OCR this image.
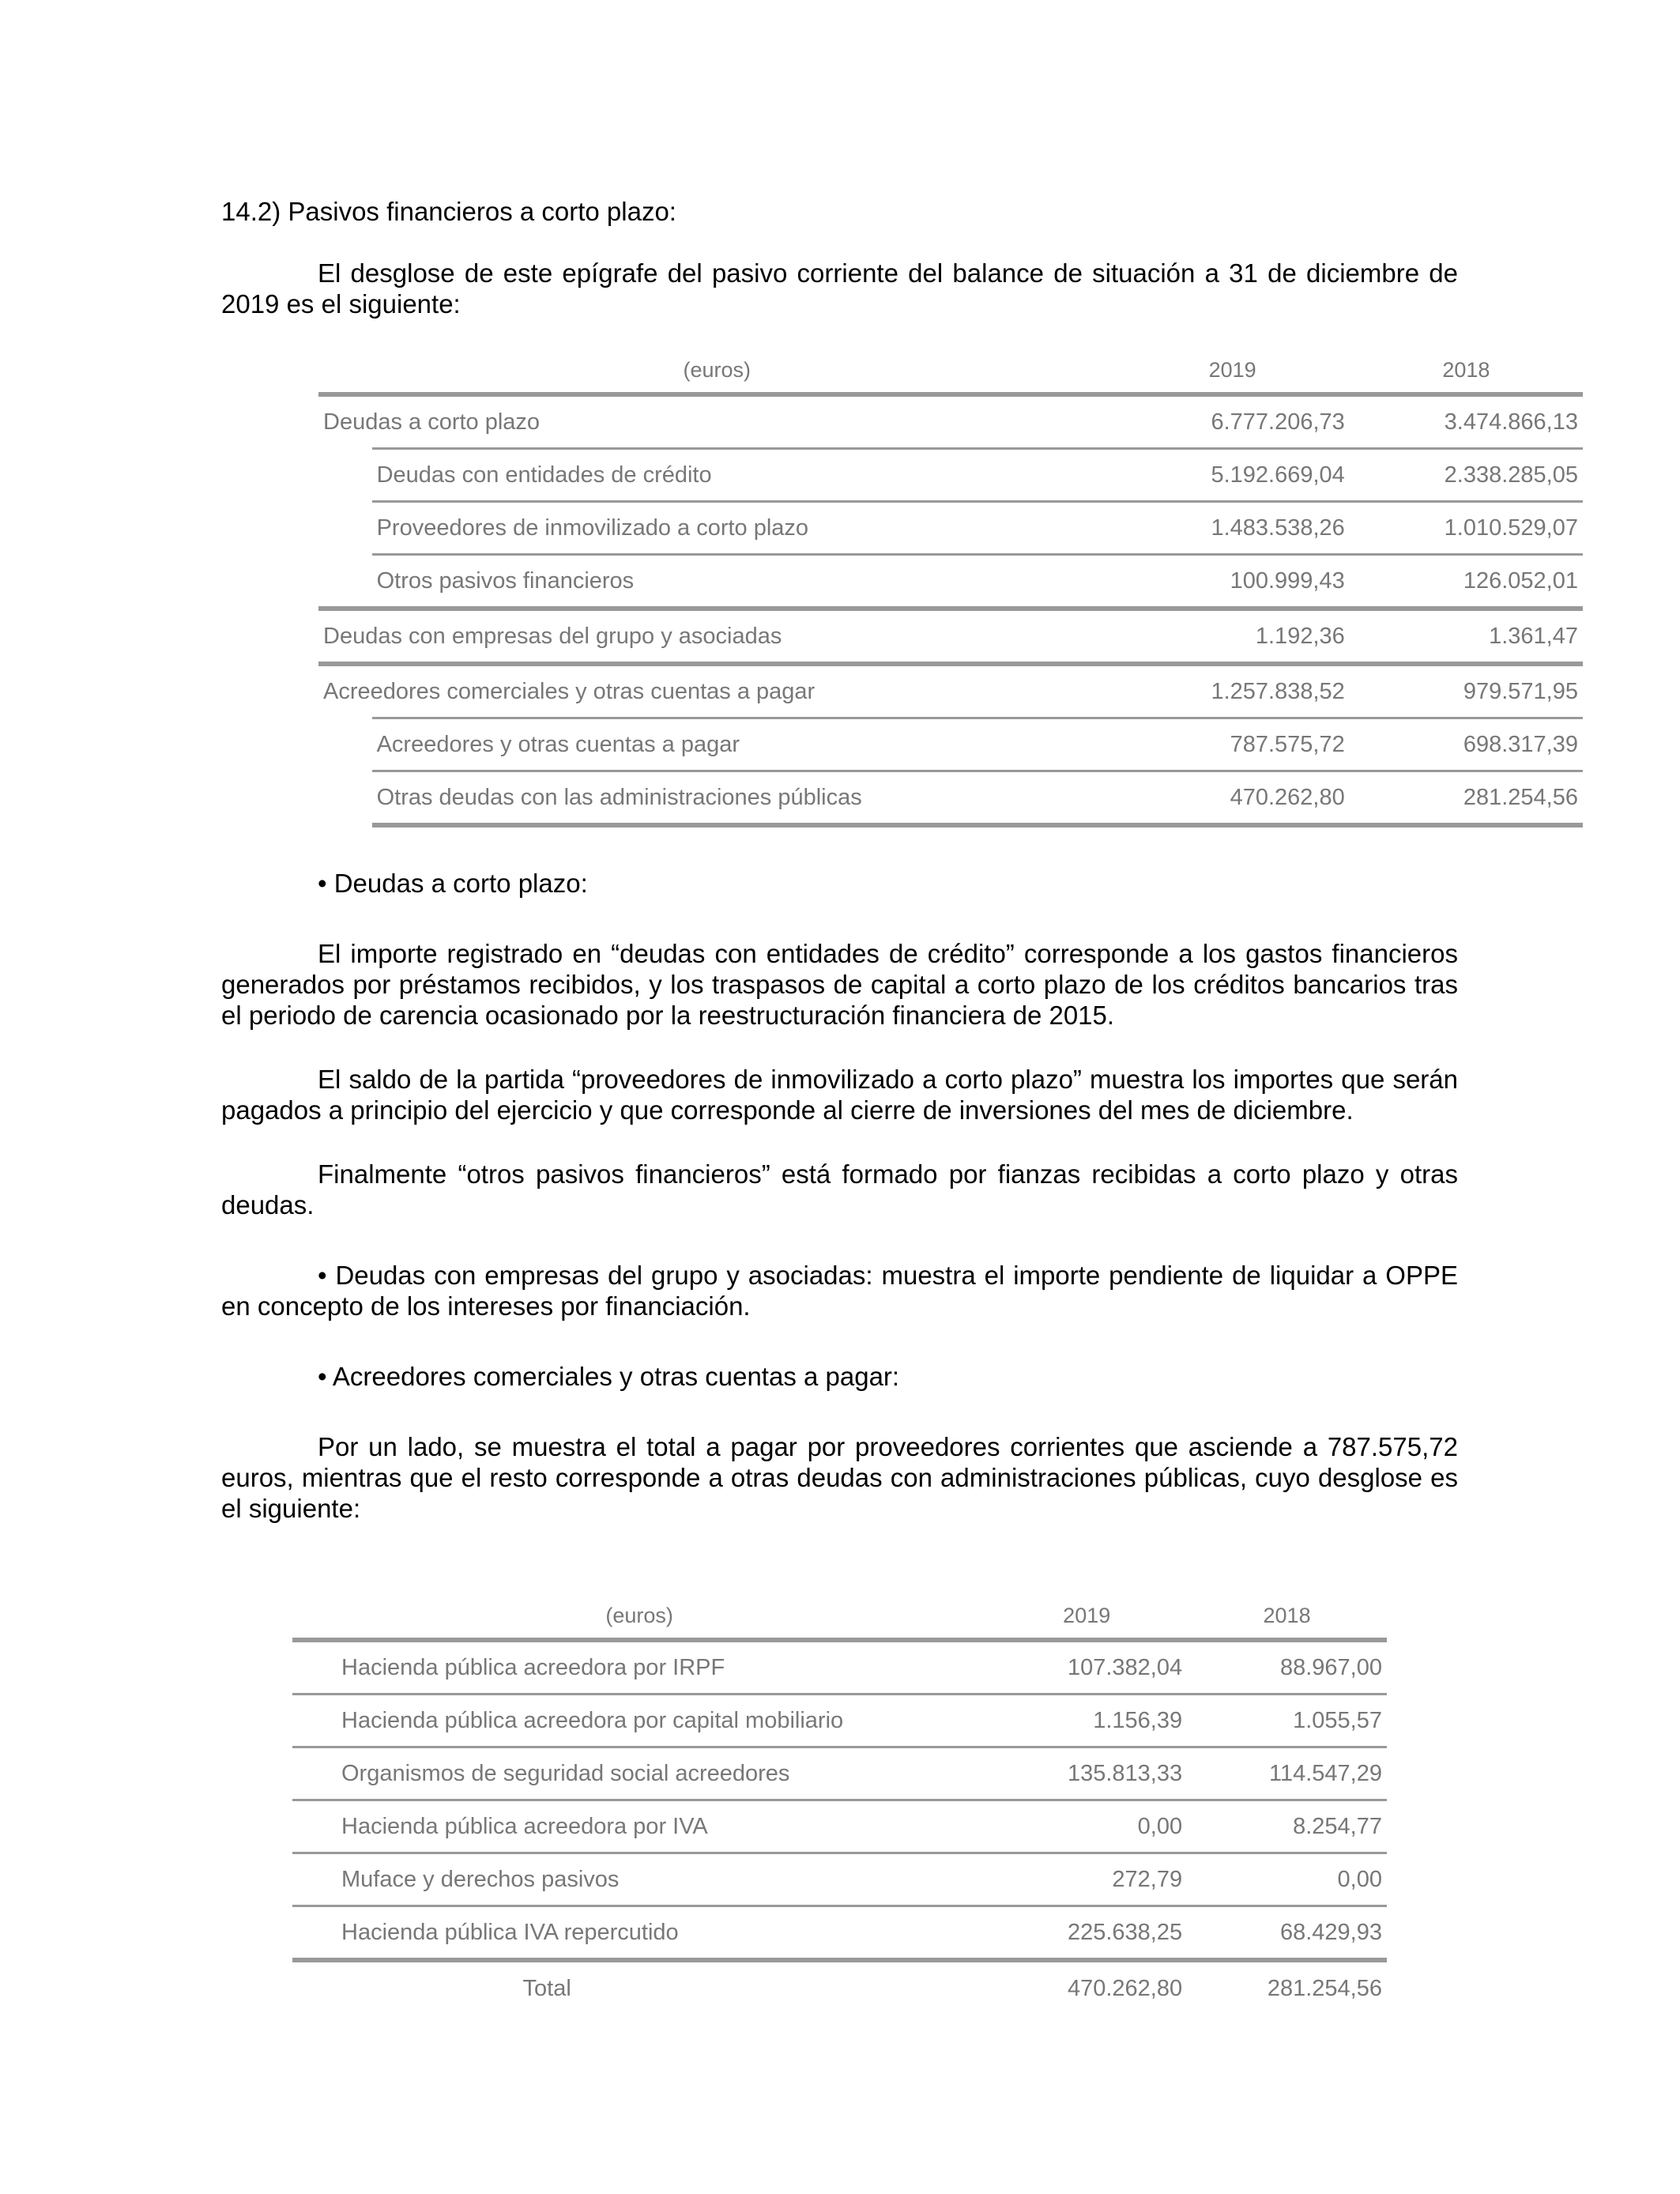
14.2) Pasivos financieros a corto plazo:

El desglose de este epígrafe del pasivo corriente del balance de situación a 31 de diciembre de 2019 es el siguiente:

(euros)		2019	2018
Deudas a corto plazo		6.777.206,73	3.474.866,13
	Deudas con entidades de crédito	5.192.669,04	2.338.285,05
	Proveedores de inmovilizado a corto plazo	1.483.538,26	1.010.529,07
	Otros pasivos financieros	100.999,43	126.052,01
Deudas con empresas del grupo y asociadas		1.192,36	1.361,47
Acreedores comerciales y otras cuentas a pagar		1.257.838,52	979.571,95
	Acreedores y otras cuentas a pagar	787.575,72	698.317,39
	Otras deudas con las administraciones públicas	470.262,80	281.254,56

• Deudas a corto plazo:

El importe registrado en “deudas con entidades de crédito” corresponde a los gastos financieros generados por préstamos recibidos, y los traspasos de capital a corto plazo de los créditos bancarios tras el periodo de carencia ocasionado por la reestructuración financiera de 2015.

El saldo de la partida “proveedores de inmovilizado a corto plazo” muestra los importes que serán pagados a principio del ejercicio y que corresponde al cierre de inversiones del mes de diciembre.

Finalmente “otros pasivos financieros” está formado por fianzas recibidas a corto plazo y otras deudas.

• Deudas con empresas del grupo y asociadas: muestra el importe pendiente de liquidar a OPPE en concepto de los intereses por financiación.

• Acreedores comerciales y otras cuentas a pagar:

Por un lado, se muestra el total a pagar por proveedores corrientes que asciende a 787.575,72 euros, mientras que el resto corresponde a otras deudas con administraciones públicas, cuyo desglose es el siguiente:

(euros)	2019	2018
Hacienda pública acreedora por IRPF	107.382,04	88.967,00
Hacienda pública acreedora por capital mobiliario	1.156,39	1.055,57
Organismos de seguridad social acreedores	135.813,33	114.547,29
Hacienda pública acreedora por IVA	0,00	8.254,77
Muface y derechos pasivos	272,79	0,00
Hacienda pública IVA repercutido	225.638,25	68.429,93
Total	470.262,80	281.254,56
